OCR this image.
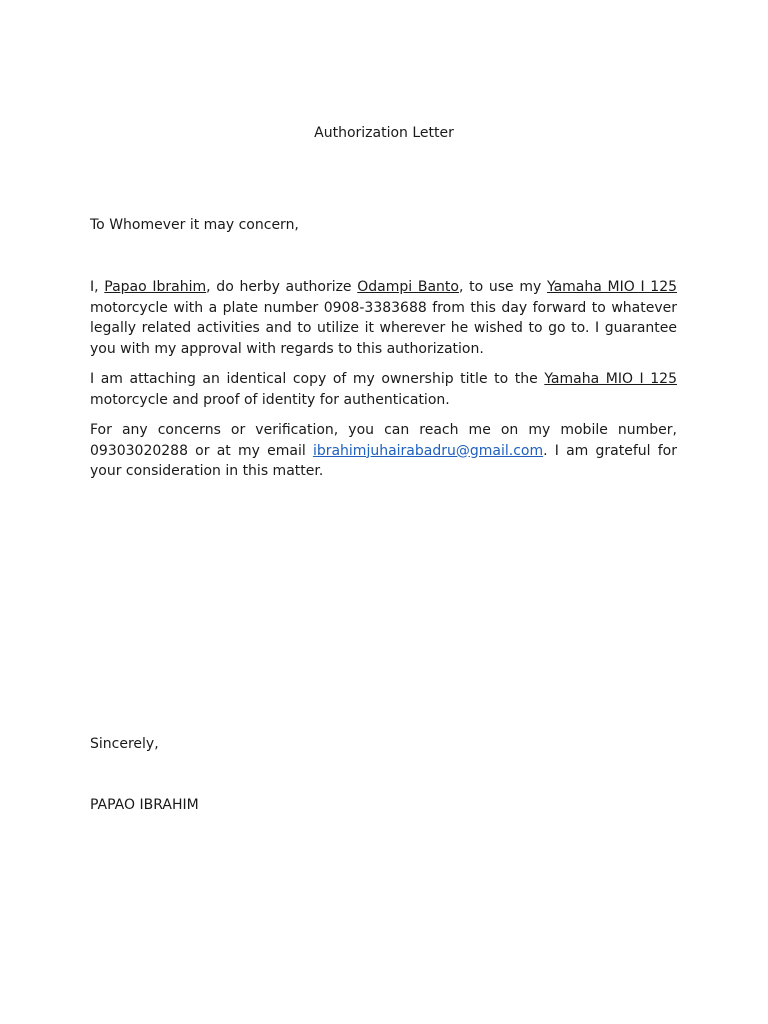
Authorization Letter
To Whomever it may concern,

I, Papao Ibrahim, do herby authorize Odampi Banto, to use my Yamaha MIO I 125 motorcycle with a plate number 0908-3383688 from this day forward to whatever legally related activities and to utilize it wherever he wished to go to. I guarantee you with my approval with regards to this authorization.

I am attaching an identical copy of my ownership title to the Yamaha MIO I 125 motorcycle and proof of identity for authentication.

For any concerns or verification, you can reach me on my mobile number, 09303020288 or at my email ibrahimjuhairabadru@gmail.com. I am grateful for your consideration in this matter.

Sincerely,
PAPAO IBRAHIM
